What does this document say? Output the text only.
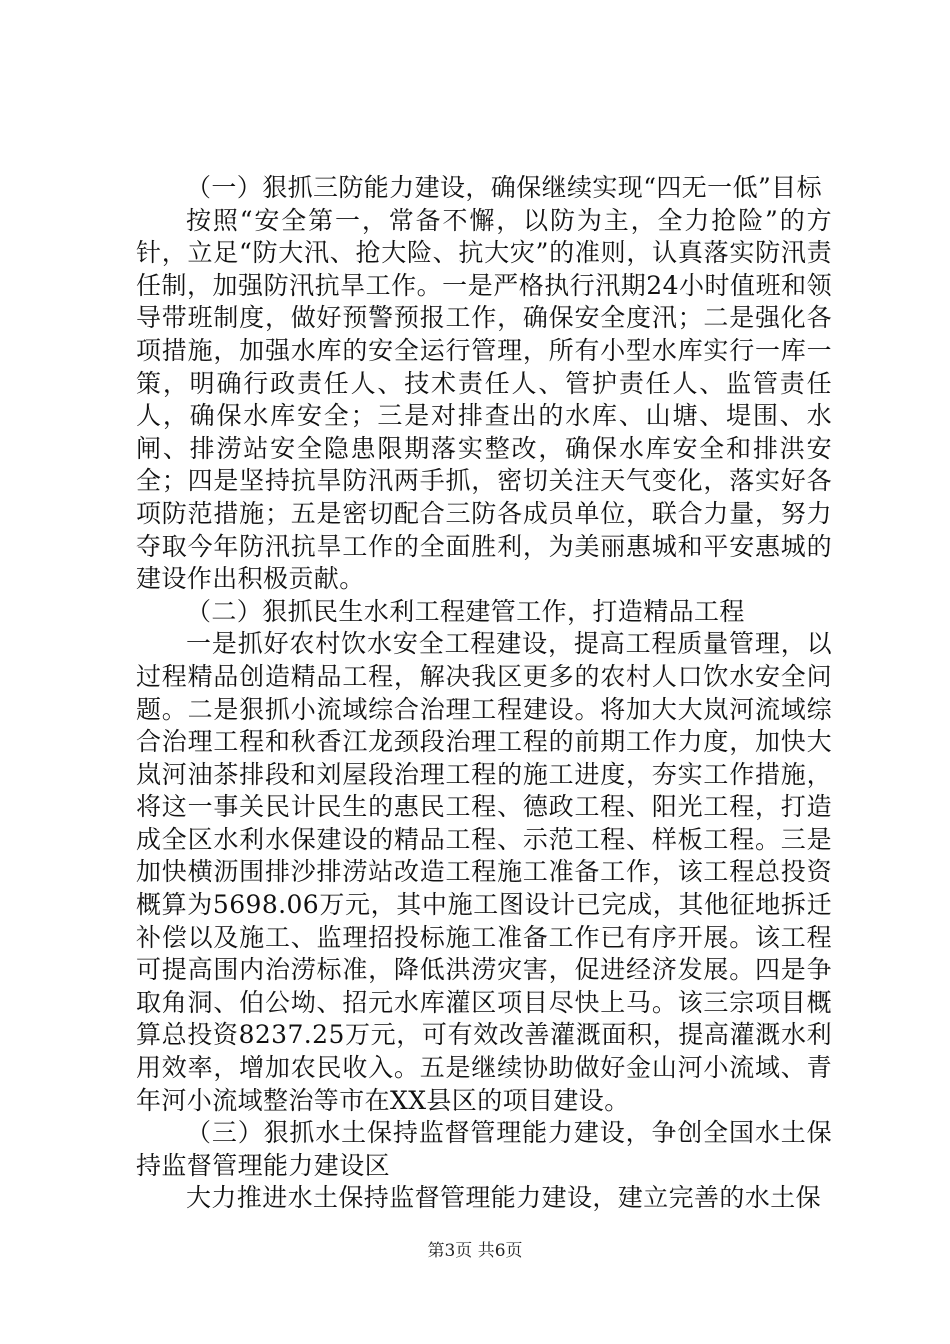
（一）狠抓三防能力建设，确保继续实现“四无一低”目标

按照“安全第一，常备不懈，以防为主，全力抢险”的方针，立足“防大汛、抢大险、抗大灾”的准则，认真落实防汛责任制，加强防汛抗旱工作。一是严格执行汛期24小时值班和领导带班制度，做好预警预报工作，确保安全度汛；二是强化各项措施，加强水库的安全运行管理，所有小型水库实行一库一策，明确行政责任人、技术责任人、管护责任人、监管责任人，确保水库安全；三是对排查出的水库、山塘、堤围、水闸、排涝站安全隐患限期落实整改，确保水库安全和排洪安全；四是坚持抗旱防汛两手抓，密切关注天气变化，落实好各项防范措施；五是密切配合三防各成员单位，联合力量，努力夺取今年防汛抗旱工作的全面胜利，为美丽惠城和平安惠城的建设作出积极贡献。

（二）狠抓民生水利工程建管工作，打造精品工程

一是抓好农村饮水安全工程建设，提高工程质量管理，以过程精品创造精品工程，解决我区更多的农村人口饮水安全问题。二是狠抓小流域综合治理工程建设。将加大大岚河流域综合治理工程和秋香江龙颈段治理工程的前期工作力度，加快大岚河油茶排段和刘屋段治理工程的施工进度，夯实工作措施，将这一事关民计民生的惠民工程、德政工程、阳光工程，打造成全区水利水保建设的精品工程、示范工程、样板工程。三是加快横沥围排沙排涝站改造工程施工准备工作，该工程总投资概算为5698.06万元，其中施工图设计已完成，其他征地拆迁补偿以及施工、监理招投标施工准备工作已有序开展。该工程可提高围内治涝标准，降低洪涝灾害，促进经济发展。四是争取角洞、伯公坳、招元水库灌区项目尽快上马。该三宗项目概算总投资8237.25万元，可有效改善灌溉面积，提高灌溉水利用效率，增加农民收入。五是继续协助做好金山河小流域、青年河小流域整治等市在XX县区的项目建设。

（三）狠抓水土保持监督管理能力建设，争创全国水土保持监督管理能力建设区

大力推进水土保持监督管理能力建设，建立完善的水土保

第3页 共6页
